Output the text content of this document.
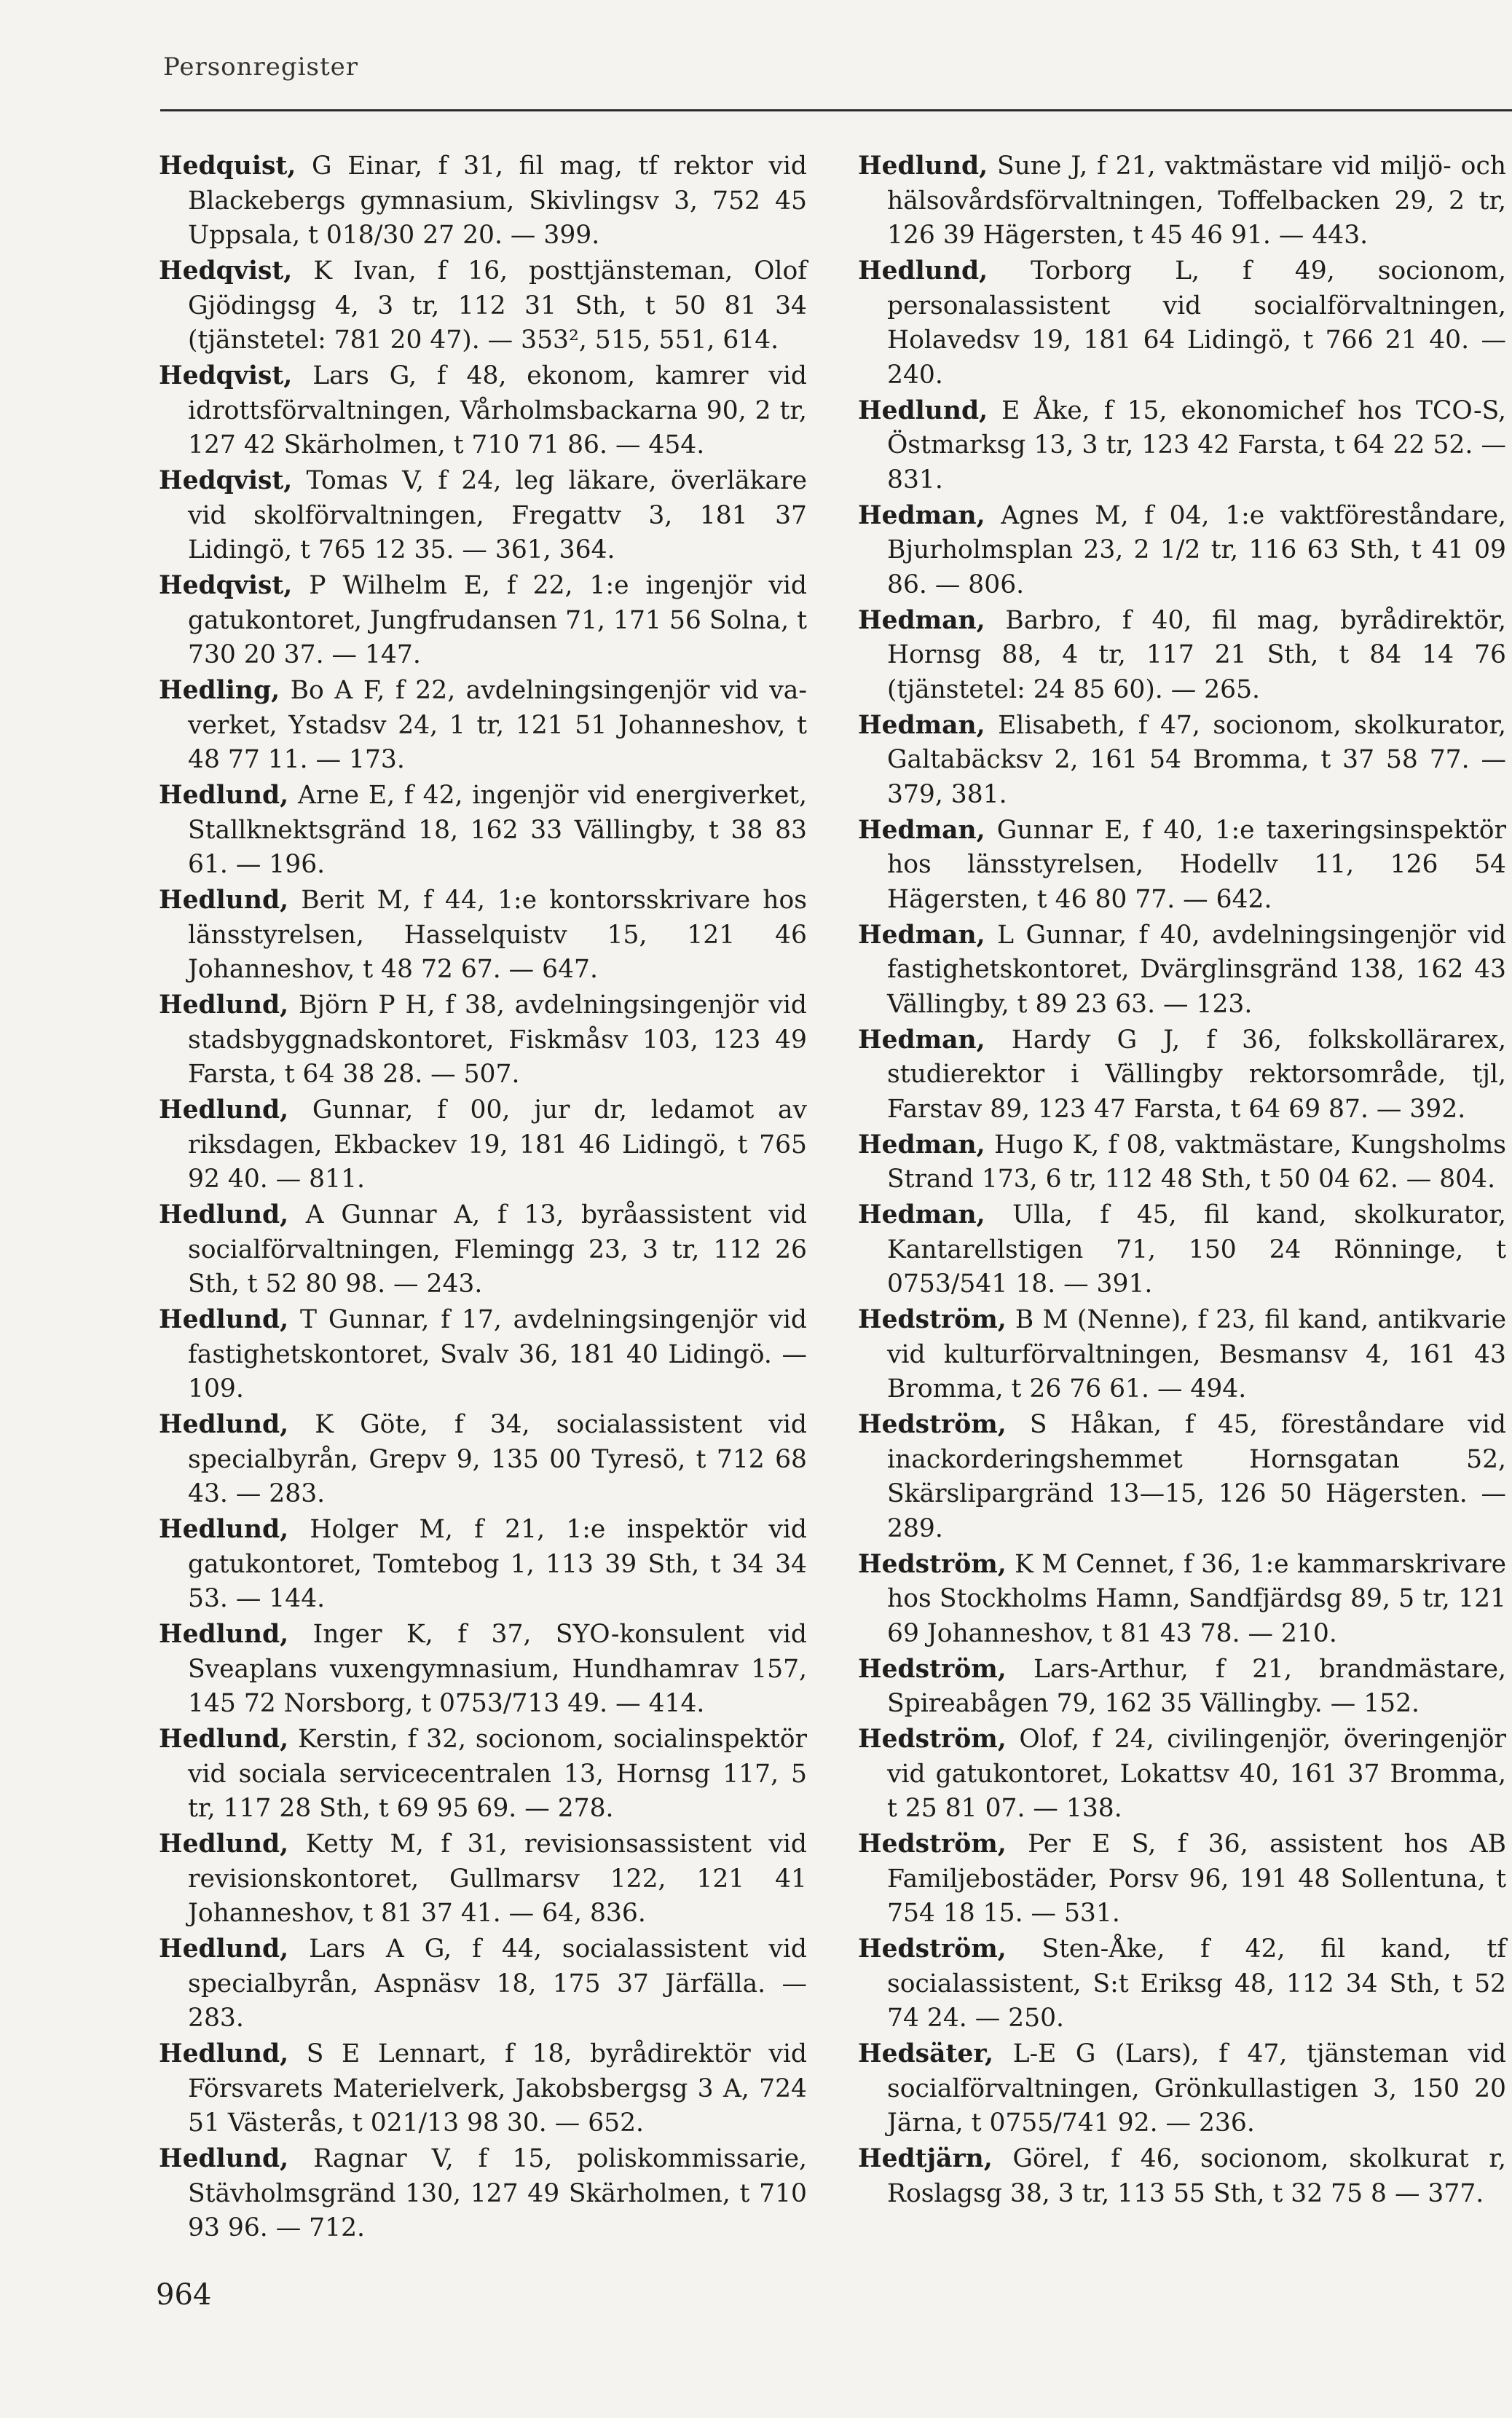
Personregister

Hedquist, G Einar, f 31, fil mag, tf rektor vid Blackebergs gymnasium, Skivlingsv 3, 752 45 Uppsala, t 018/30 27 20. — 399.

Hedqvist, K Ivan, f 16, posttjänsteman, Olof Gjödingsg 4, 3 tr, 112 31 Sth, t 50 81 34 (tjänstetel: 781 20 47). — 353², 515, 551, 614.

Hedqvist, Lars G, f 48, ekonom, kamrer vid idrottsförvaltningen, Vårholmsbackarna 90, 2 tr, 127 42 Skärholmen, t 710 71 86. — 454.

Hedqvist, Tomas V, f 24, leg läkare, överläkare vid skolförvaltningen, Fregattv 3, 181 37 Lidingö, t 765 12 35. — 361, 364.

Hedqvist, P Wilhelm E, f 22, 1:e ingenjör vid gatukontoret, Jungfrudansen 71, 171 56 Solna, t 730 20 37. — 147.

Hedling, Bo A F, f 22, avdelningsingenjör vid va-verket, Ystadsv 24, 1 tr, 121 51 Johanneshov, t 48 77 11. — 173.

Hedlund, Arne E, f 42, ingenjör vid energiverket, Stallknektsgränd 18, 162 33 Vällingby, t 38 83 61. — 196.

Hedlund, Berit M, f 44, 1:e kontorsskrivare hos länsstyrelsen, Hasselquistv 15, 121 46 Johanneshov, t 48 72 67. — 647.

Hedlund, Björn P H, f 38, avdelningsingenjör vid stadsbyggnadskontoret, Fiskmåsv 103, 123 49 Farsta, t 64 38 28. — 507.

Hedlund, Gunnar, f 00, jur dr, ledamot av riksdagen, Ekbackev 19, 181 46 Lidingö, t 765 92 40. — 811.

Hedlund, A Gunnar A, f 13, byråassistent vid socialförvaltningen, Flemingg 23, 3 tr, 112 26 Sth, t 52 80 98. — 243.

Hedlund, T Gunnar, f 17, avdelningsingenjör vid fastighetskontoret, Svalv 36, 181 40 Lidingö. — 109.

Hedlund, K Göte, f 34, socialassistent vid specialbyrån, Grepv 9, 135 00 Tyresö, t 712 68 43. — 283.

Hedlund, Holger M, f 21, 1:e inspektör vid gatukontoret, Tomtebog 1, 113 39 Sth, t 34 34 53. — 144.

Hedlund, Inger K, f 37, SYO-konsulent vid Sveaplans vuxengymnasium, Hundhamrav 157, 145 72 Norsborg, t 0753/713 49. — 414.

Hedlund, Kerstin, f 32, socionom, socialinspektör vid sociala servicecentralen 13, Hornsg 117, 5 tr, 117 28 Sth, t 69 95 69. — 278.

Hedlund, Ketty M, f 31, revisionsassistent vid revisionskontoret, Gullmarsv 122, 121 41 Johanneshov, t 81 37 41. — 64, 836.

Hedlund, Lars A G, f 44, socialassistent vid specialbyrån, Aspnäsv 18, 175 37 Järfälla. — 283.

Hedlund, S E Lennart, f 18, byrådirektör vid Försvarets Materielverk, Jakobsbergsg 3 A, 724 51 Västerås, t 021/13 98 30. — 652.

Hedlund, Ragnar V, f 15, poliskommissarie, Stävholmsgränd 130, 127 49 Skärholmen, t 710 93 96. — 712.

Hedlund, Sune J, f 21, vaktmästare vid miljö- och hälsovårdsförvaltningen, Toffelbacken 29, 2 tr, 126 39 Hägersten, t 45 46 91. — 443.

Hedlund, Torborg L, f 49, socionom, personalassistent vid socialförvaltningen, Holavedsv 19, 181 64 Lidingö, t 766 21 40. — 240.

Hedlund, E Åke, f 15, ekonomichef hos TCO-S, Östmarksg 13, 3 tr, 123 42 Farsta, t 64 22 52. — 831.

Hedman, Agnes M, f 04, 1:e vaktföreståndare, Bjurholmsplan 23, 2 1/2 tr, 116 63 Sth, t 41 09 86. — 806.

Hedman, Barbro, f 40, fil mag, byrådirektör, Hornsg 88, 4 tr, 117 21 Sth, t 84 14 76 (tjänstetel: 24 85 60). — 265.

Hedman, Elisabeth, f 47, socionom, skolkurator, Galtabäcksv 2, 161 54 Bromma, t 37 58 77. — 379, 381.

Hedman, Gunnar E, f 40, 1:e taxeringsinspektör hos länsstyrelsen, Hodellv 11, 126 54 Hägersten, t 46 80 77. — 642.

Hedman, L Gunnar, f 40, avdelningsingenjör vid fastighetskontoret, Dvärglinsgränd 138, 162 43 Vällingby, t 89 23 63. — 123.

Hedman, Hardy G J, f 36, folkskollärarex, studierektor i Vällingby rektorsområde, tjl, Farstav 89, 123 47 Farsta, t 64 69 87. — 392.

Hedman, Hugo K, f 08, vaktmästare, Kungsholms Strand 173, 6 tr, 112 48 Sth, t 50 04 62. — 804.

Hedman, Ulla, f 45, fil kand, skolkurator, Kantarellstigen 71, 150 24 Rönninge, t 0753/541 18. — 391.

Hedström, B M (Nenne), f 23, fil kand, antikvarie vid kulturförvaltningen, Besmansv 4, 161 43 Bromma, t 26 76 61. — 494.

Hedström, S Håkan, f 45, föreståndare vid inackorderingshemmet Hornsgatan 52, Skärslipargränd 13—15, 126 50 Hägersten. — 289.

Hedström, K M Cennet, f 36, 1:e kammarskrivare hos Stockholms Hamn, Sandfjärdsg 89, 5 tr, 121 69 Johanneshov, t 81 43 78. — 210.

Hedström, Lars-Arthur, f 21, brandmästare, Spireabågen 79, 162 35 Vällingby. — 152.

Hedström, Olof, f 24, civilingenjör, överingenjör vid gatukontoret, Lokattsv 40, 161 37 Bromma, t 25 81 07. — 138.

Hedström, Per E S, f 36, assistent hos AB Familjebostäder, Porsv 96, 191 48 Sollentuna, t 754 18 15. — 531.

Hedström, Sten-Åke, f 42, fil kand, tf socialassistent, S:t Eriksg 48, 112 34 Sth, t 52 74 24. — 250.

Hedsäter, L-E G (Lars), f 47, tjänsteman vid socialförvaltningen, Grönkullastigen 3, 150 20 Järna, t 0755/741 92. — 236.

Hedtjärn, Görel, f 46, socionom, skolkurat r, Roslagsg 38, 3 tr, 113 55 Sth, t 32 75 8 — 377.

964
